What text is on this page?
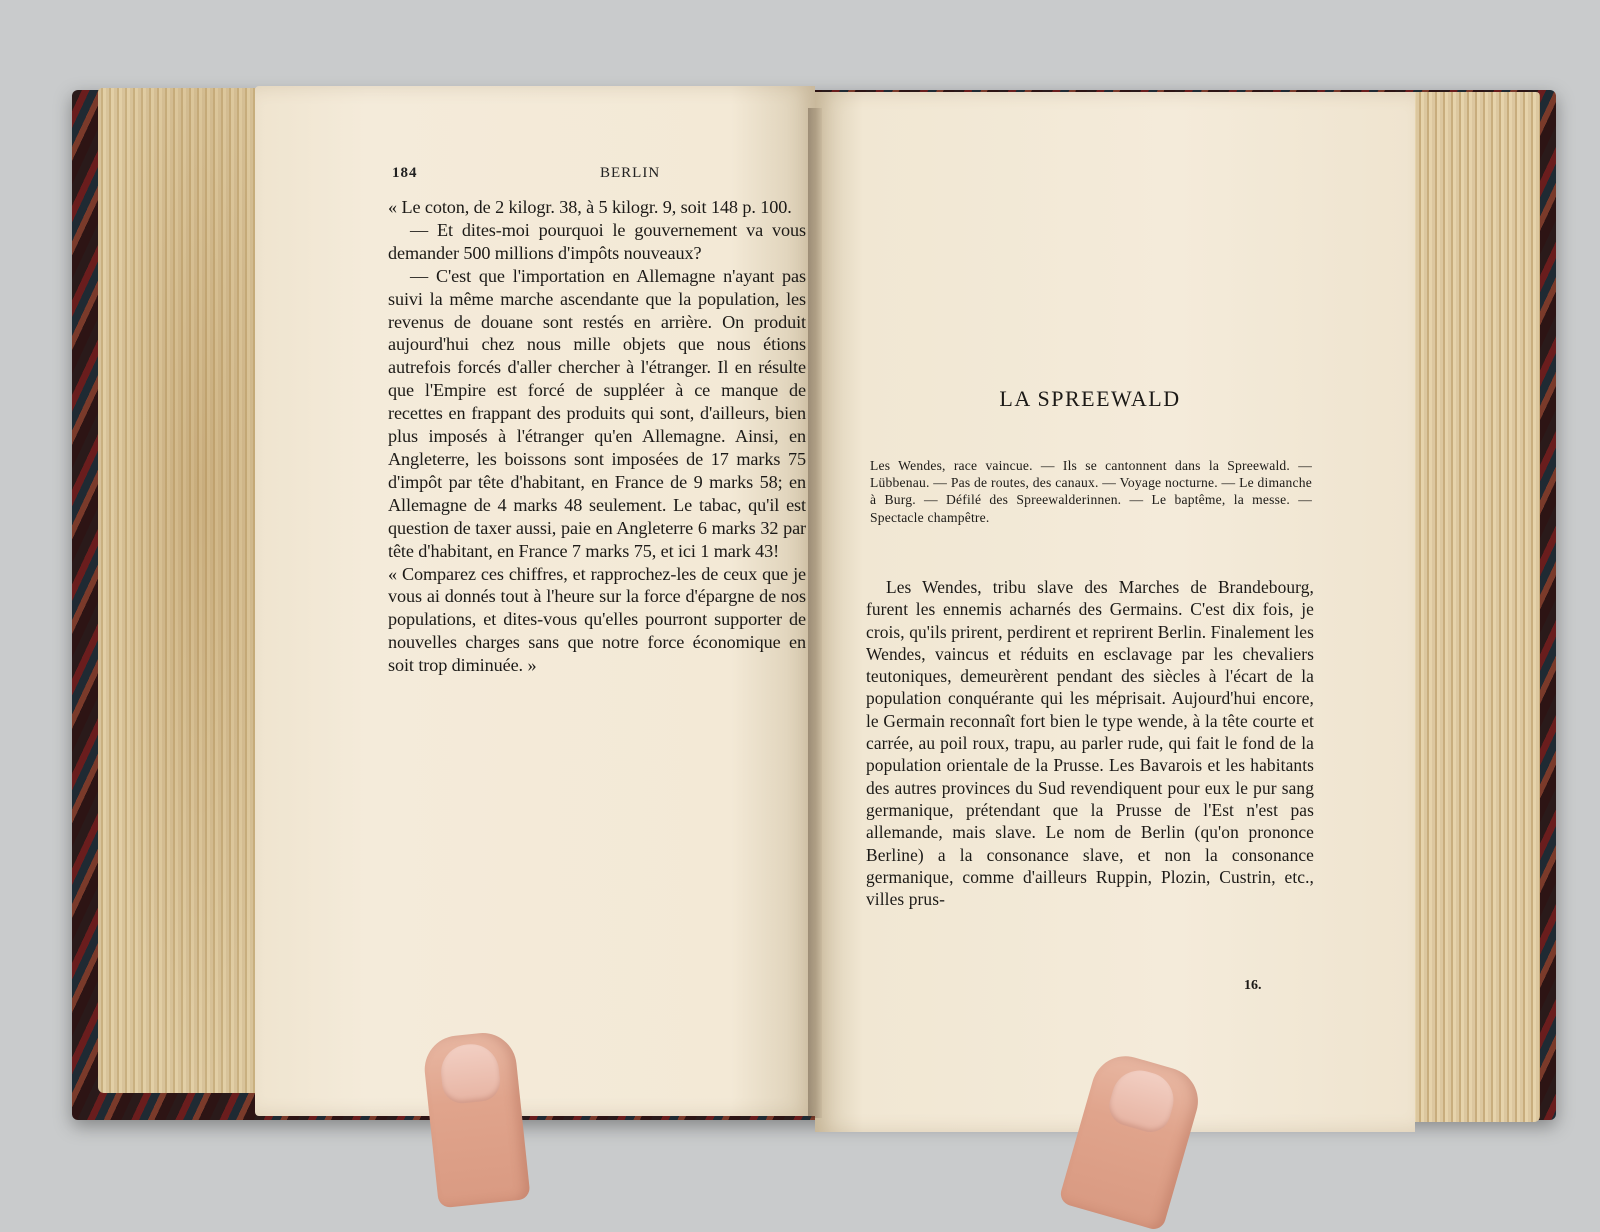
184	BERLIN

« Le coton, de 2 kilogr. 38, à 5 kilogr. 9, soit 148 p. 100.

— Et dites-moi pourquoi le gouvernement va vous demander 500 millions d'impôts nouveaux?

— C'est que l'importation en Allemagne n'ayant pas suivi la même marche ascendante que la population, les revenus de douane sont restés en arrière. On produit aujourd'hui chez nous mille objets que nous étions autrefois forcés d'aller chercher à l'étranger. Il en résulte que l'Empire est forcé de suppléer à ce manque de recettes en frappant des produits qui sont, d'ailleurs, bien plus imposés à l'étranger qu'en Allemagne. Ainsi, en Angleterre, les boissons sont imposées de 17 marks 75 d'impôt par tête d'habitant, en France de 9 marks 58; en Allemagne de 4 marks 48 seulement. Le tabac, qu'il est question de taxer aussi, paie en Angleterre 6 marks 32 par tête d'habitant, en France 7 marks 75, et ici 1 mark 43!

« Comparez ces chiffres, et rapprochez-les de ceux que je vous ai donnés tout à l'heure sur la force d'épargne de nos populations, et dites-vous qu'elles pourront supporter de nouvelles charges sans que notre force économique en soit trop diminuée. »

LA SPREEWALD
Les Wendes, race vaincue. — Ils se cantonnent dans la Spreewald. — Lübbenau. — Pas de routes, des canaux. — Voyage nocturne. — Le dimanche à Burg. — Défilé des Spreewalderinnen. — Le baptême, la messe. — Spectacle champêtre.

Les Wendes, tribu slave des Marches de Brandebourg, furent les ennemis acharnés des Germains. C'est dix fois, je crois, qu'ils prirent, perdirent et reprirent Berlin. Finalement les Wendes, vaincus et réduits en esclavage par les chevaliers teutoniques, demeurèrent pendant des siècles à l'écart de la population conquérante qui les méprisait. Aujourd'hui encore, le Germain reconnaît fort bien le type wende, à la tête courte et carrée, au poil roux, trapu, au parler rude, qui fait le fond de la population orientale de la Prusse. Les Bavarois et les habitants des autres provinces du Sud revendiquent pour eux le pur sang germanique, prétendant que la Prusse de l'Est n'est pas allemande, mais slave. Le nom de Berlin (qu'on prononce Berline) a la consonance slave, et non la consonance germanique, comme d'ailleurs Ruppin, Plozin, Custrin, etc., villes prus-

16.
